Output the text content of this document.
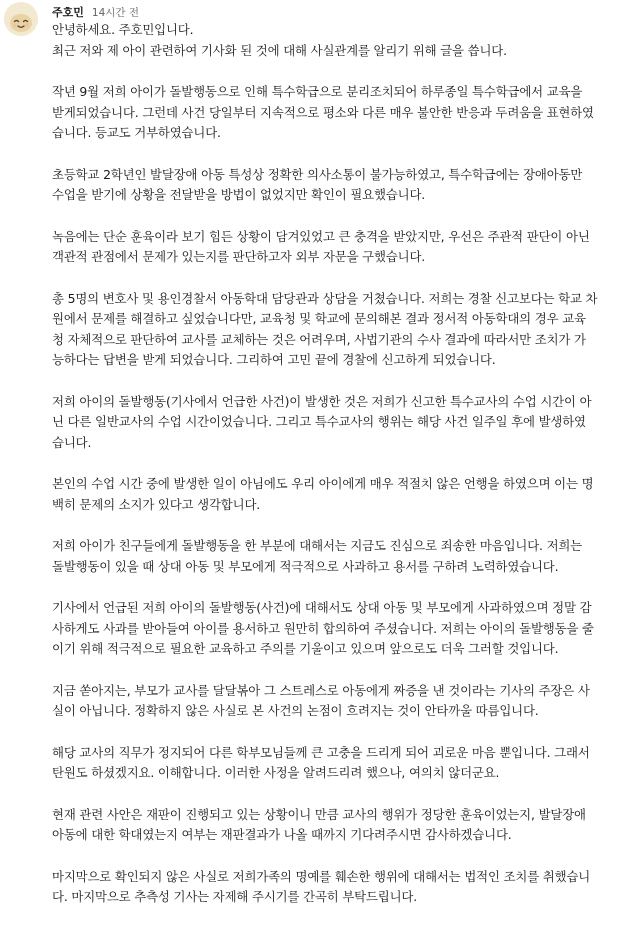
주호민 14시간 전

안녕하세요. 주호민입니다.

최근 저와 제 아이 관련하여 기사화 된 것에 대해 사실관계를 알리기 위해 글을 씁니다.

작년 9월 저희 아이가 돌발행동으로 인해 특수학급으로 분리조치되어 하루종일 특수학급에서 교육을
받게되었습니다. 그런데 사건 당일부터 지속적으로 평소와 다른 매우 불안한 반응과 두려움을 표현하였
습니다. 등교도 거부하였습니다.

초등학교 2학년인 발달장애 아동 특성상 정확한 의사소통이 불가능하였고, 특수학급에는 장애아동만
수업을 받기에 상황을 전달받을 방법이 없었지만 확인이 필요했습니다.

녹음에는 단순 훈육이라 보기 힘든 상황이 담겨있었고 큰 충격을 받았지만, 우선은 주관적 판단이 아닌
객관적 관점에서 문제가 있는지를 판단하고자 외부 자문을 구했습니다.

총 5명의 변호사 및 용인경찰서 아동학대 담당관과 상담을 거쳤습니다. 저희는 경찰 신고보다는 학교 차
원에서 문제를 해결하고 싶었습니다만, 교육청 및 학교에 문의해본 결과 정서적 아동학대의 경우 교육
청 자체적으로 판단하여 교사를 교체하는 것은 어려우며, 사법기관의 수사 결과에 따라서만 조치가 가
능하다는 답변을 받게 되었습니다. 그리하여 고민 끝에 경찰에 신고하게 되었습니다.

저희 아이의 돌발행동(기사에서 언급한 사건)이 발생한 것은 저희가 신고한 특수교사의 수업 시간이 아
닌 다른 일반교사의 수업 시간이었습니다. 그리고 특수교사의 행위는 해당 사건 일주일 후에 발생하였
습니다.

본인의 수업 시간 중에 발생한 일이 아님에도 우리 아이에게 매우 적절치 않은 언행을 하였으며 이는 명
백히 문제의 소지가 있다고 생각합니다.

저희 아이가 친구들에게 돌발행동을 한 부분에 대해서는 지금도 진심으로 죄송한 마음입니다. 저희는
돌발행동이 있을 때 상대 아동 및 부모에게 적극적으로 사과하고 용서를 구하려 노력하였습니다.

기사에서 언급된 저희 아이의 돌발행동(사건)에 대해서도 상대 아동 및 부모에게 사과하였으며 정말 감
사하게도 사과를 받아들여 아이를 용서하고 원만히 합의하여 주셨습니다. 저희는 아이의 돌발행동을 줄
이기 위해 적극적으로 필요한 교육하고 주의를 기울이고 있으며 앞으로도 더욱 그러할 것입니다.

지금 쏟아지는, 부모가 교사를 달달볶아 그 스트레스로 아동에게 짜증을 낸 것이라는 기사의 주장은 사
실이 아닙니다. 정확하지 않은 사실로 본 사건의 논점이 흐려지는 것이 안타까울 따름입니다.

해당 교사의 직무가 정지되어 다른 학부모님들께 큰 고충을 드리게 되어 괴로운 마음 뿐입니다. 그래서
탄원도 하셨겠지요. 이해합니다. 이러한 사정을 알려드리려 했으나, 여의치 않더군요.

현재 관련 사안은 재판이 진행되고 있는 상황이니 만큼 교사의 행위가 정당한 훈육이었는지, 발달장애
아동에 대한 학대였는지 여부는 재판결과가 나올 때까지 기다려주시면 감사하겠습니다.

마지막으로 확인되지 않은 사실로 저희가족의 명예를 훼손한 행위에 대해서는 법적인 조치를 취했습니
다. 마지막으로 추측성 기사는 자제해 주시기를 간곡히 부탁드립니다.
